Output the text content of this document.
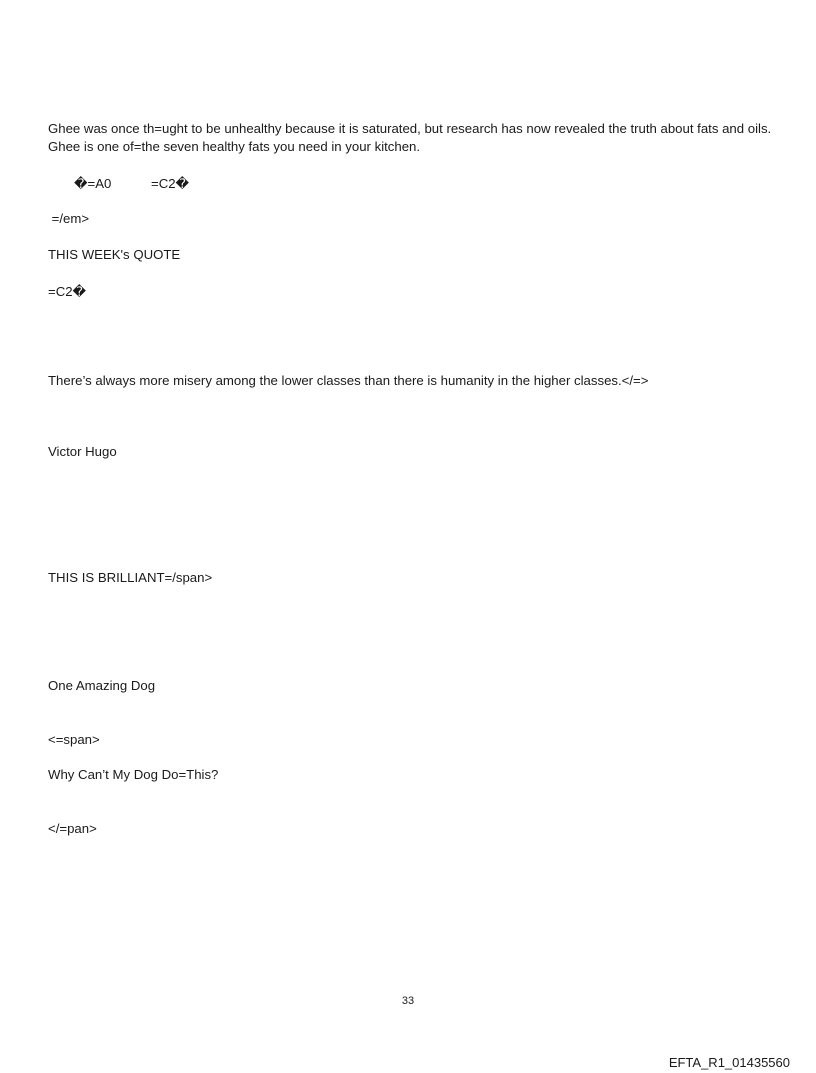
Ghee was once th=ught to be unhealthy because it is saturated, but research has now revealed the truth about fats and oils. Ghee is one of=the seven healthy fats you need in your kitchen.
�=A0	=C2�
=/em>
THIS WEEK's QUOTE
=C2�
There’s always more misery among the lower classes than there is humanity in the higher classes.</=>
Victor Hugo
THIS IS BRILLIANT=/span>
One Amazing Dog
<=span>
Why Can’t My Dog Do=This?
</=pan>
33
EFTA_R1_01435560
